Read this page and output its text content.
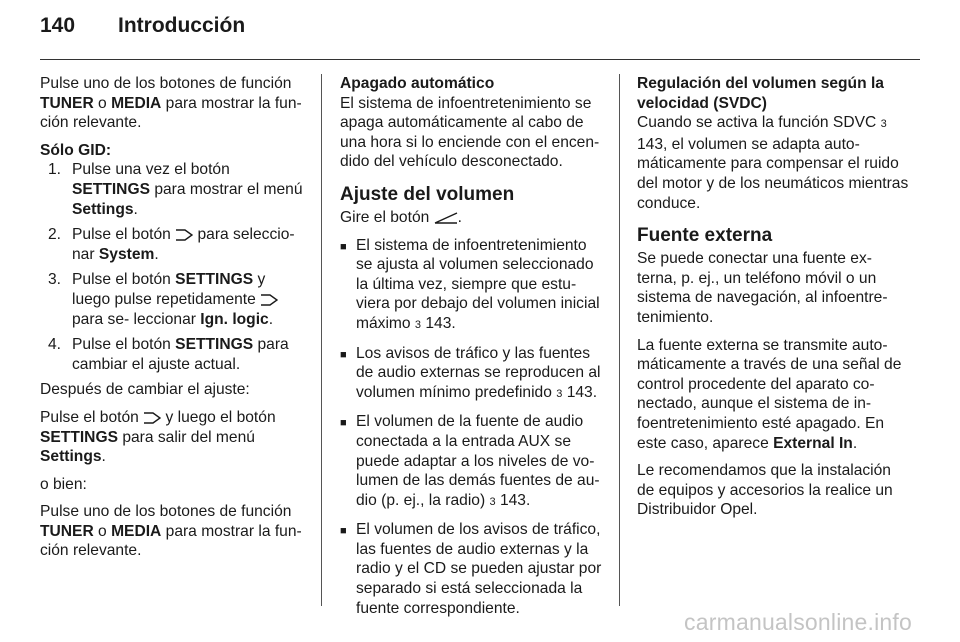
140	Introducción

Pulse uno de los botones de función TUNER o MEDIA para mostrar la fun- ción relevante.

Sólo GID:

1. Pulse una vez el botón SETTINGS para mostrar el menú Settings.
2. Pulse el botón  para seleccio- nar System.
3. Pulse el botón SETTINGS y luego pulse repetidamente  para se- leccionar Ign. logic.
4. Pulse el botón SETTINGS para cambiar el ajuste actual.

Después de cambiar el ajuste:

Pulse el botón  y luego el botón
SETTINGS para salir del menú
Settings.

o bien:

Pulse uno de los botones de función TUNER o MEDIA para mostrar la fun- ción relevante.

Apagado automático

El sistema de infoentretenimiento se apaga automáticamente al cabo de una hora si lo enciende con el encen- dido del vehículo desconectado.

Ajuste del volumen

Gire el botón .

■ El sistema de infoentretenimiento se ajusta al volumen seleccionado la última vez, siempre que estu- viera por debajo del volumen inicial máximo 3 143.
■ Los avisos de tráfico y las fuentes de audio externas se reproducen al volumen mínimo predefinido 3 143.
■ El volumen de la fuente de audio conectada a la entrada AUX se puede adaptar a los niveles de vo- lumen de las demás fuentes de au- dio (p. ej., la radio) 3 143.
■ El volumen de los avisos de tráfico, las fuentes de audio externas y la radio y el CD se pueden ajustar por separado si está seleccionada la fuente correspondiente.

Regulación del volumen según la velocidad (SVDC)

Cuando se activa la función SDVC 3 143, el volumen se adapta auto- máticamente para compensar el ruido del motor y de los neumáticos mientras conduce.

Fuente externa

Se puede conectar una fuente ex- terna, p. ej., un teléfono móvil o un sistema de navegación, al infoentre- tenimiento.

La fuente externa se transmite auto- máticamente a través de una señal de control procedente del aparato co- nectado, aunque el sistema de in- foentretenimiento esté apagado. En este caso, aparece External In.

Le recomendamos que la instalación de equipos y accesorios la realice un Distribuidor Opel.

carmanualsonline.info
